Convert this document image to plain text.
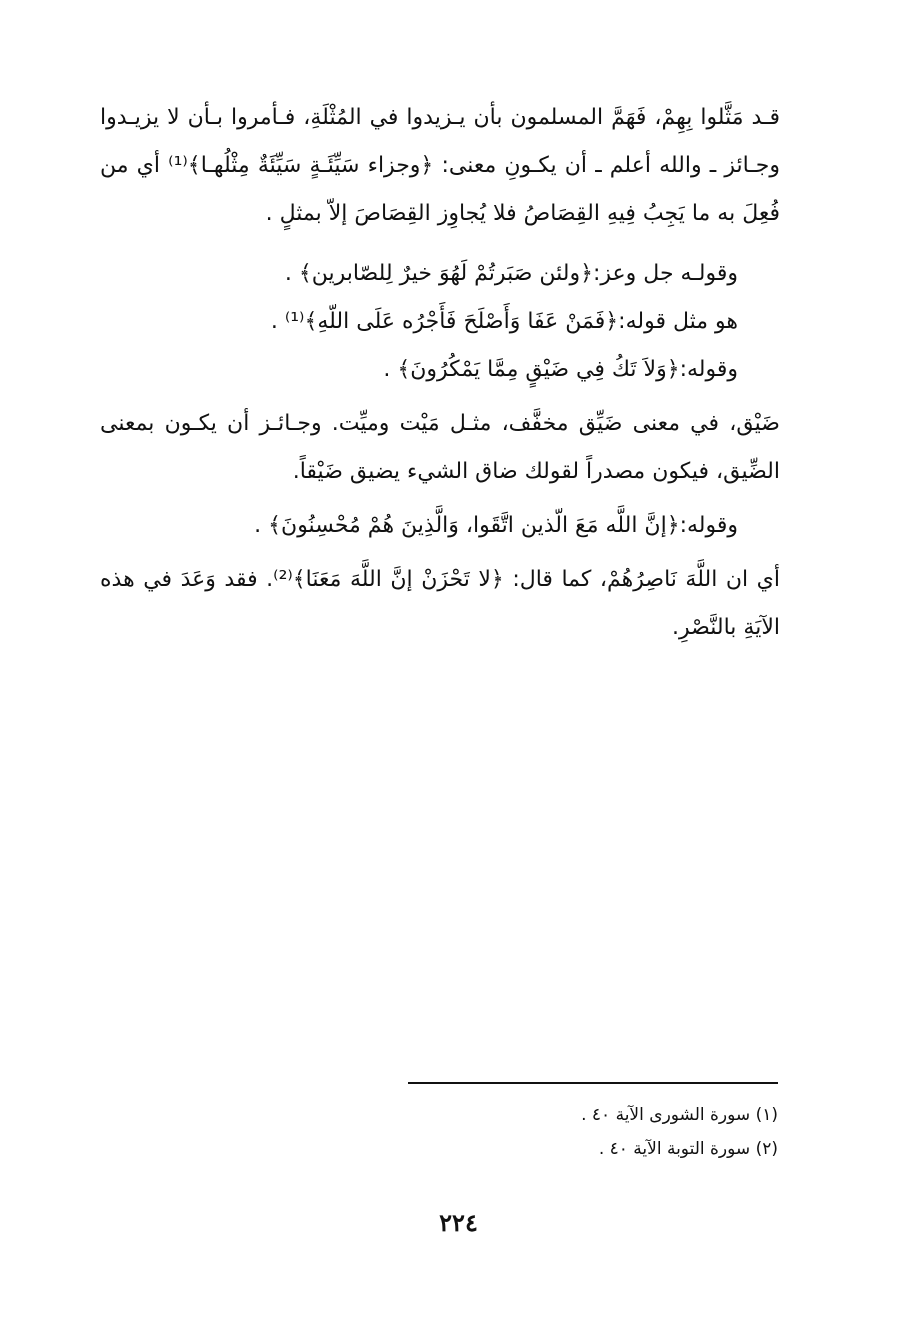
قـد مَثَّلوا بِهِمْ، فَهَمَّ المسلمون بأن يـزيدوا في المُثْلَةِ، فـأمروا بـأن لا يزيـدوا وجـائز ـ والله أعلم ـ أن يكـونِ معنى: ﴿وجزاء سَيِّئَـةٍ سَيِّئَةٌ مِثْلُهـا﴾⁽¹⁾ أي من فُعِلَ به ما يَجِبُ فِيهِ القِصَاصُ فلا يُجاوِز القِصَاصَ إلاّ بمثلٍ .

وقولـه جل وعز:﴿ولئن صَبَرتُمْ لَهُوَ خيرٌ لِلصّابرين﴾ .

هو مثل قوله:﴿فَمَنْ عَفَا وَأَصْلَحَ فَأَجْرُه عَلَى اللّهِ﴾⁽¹⁾ .

وقوله:﴿وَلاَ تَكُ فِي ضَيْقٍ مِمَّا يَمْكُرُونَ﴾ .

ضَيْق، في معنى ضَيِّق مخفَّف، مثـل مَيْت وميِّت. وجـائـز أن يكـون بمعنى الضِّيق، فيكون مصدراً لقولك ضاق الشيء يضيق ضَيْقاً.

وقوله:﴿إنَّ اللَّه مَعَ الّذين اتَّقَوا، وَالَّذِينَ هُمْ مُحْسِنُونَ﴾ .

أي ان اللَّهَ نَاصِرُهُمْ، كما قال: ﴿لا تَحْزَنْ إنَّ اللَّهَ مَعَنَا﴾⁽²⁾. فقد وَعَدَ في هذه الآيَةِ بالنَّصْرِ.

(١) سورة الشورى الآية ٤٠ .

(٢) سورة التوبة الآية ٤٠ .

٢٢٤
